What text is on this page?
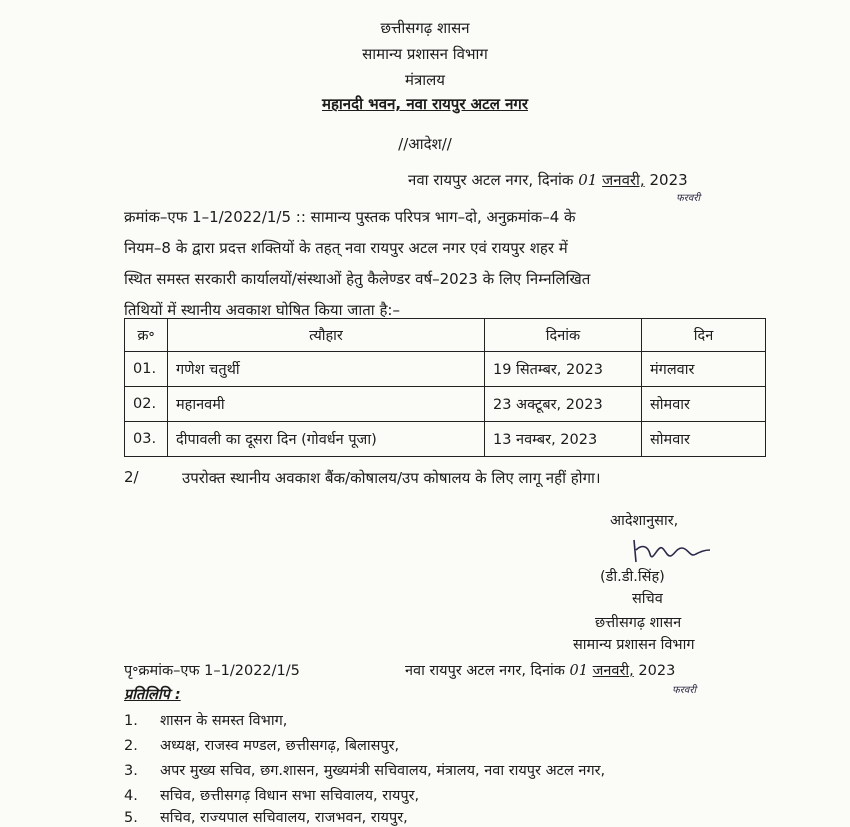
छत्तीसगढ़ शासन
सामान्य प्रशासन विभाग
मंत्रालय
महानदी भवन, नवा रायपुर अटल नगर
//आदेश//
नवा रायपुर अटल नगर, दिनांक 01 जनवरी, 2023
फरवरी
क्रमांक–एफ 1–1/2022/1/5 :: सामान्य पुस्तक परिपत्र भाग–दो, अनुक्रमांक–4 के
नियम–8 के द्वारा प्रदत्त शक्तियों के तहत् नवा रायपुर अटल नगर एवं रायपुर शहर में
स्थित समस्त सरकारी कार्यालयों/संस्थाओं हेतु कैलेण्डर वर्ष–2023 के लिए निम्नलिखित
तिथियों में स्थानीय अवकाश घोषित किया जाता है:–
क्र॰	त्यौहार	दिनांक	दिन
01.	गणेश चतुर्थी	19 सितम्बर, 2023	मंगलवार
02.	महानवमी	23 अक्टूबर, 2023	सोमवार
03.	दीपावली का दूसरा दिन (गोवर्धन पूजा)	13 नवम्बर, 2023	सोमवार
2/	उपरोक्त स्थानीय अवकाश बैंक/कोषालय/उप कोषालय के लिए लागू नहीं होगा।
आदेशानुसार,
(डी.डी.सिंह)
सचिव
छत्तीसगढ़ शासन
सामान्य प्रशासन विभाग
पृ॰क्रमांक–एफ 1–1/2022/1/5	नवा रायपुर अटल नगर, दिनांक 01 जनवरी, 2023
फरवरी
प्रतिलिपि :
1. शासन के समस्त विभाग,
2. अध्यक्ष, राजस्व मण्डल, छत्तीसगढ़, बिलासपुर,
3. अपर मुख्य सचिव, छग.शासन, मुख्यमंत्री सचिवालय, मंत्रालय, नवा रायपुर अटल नगर,
4. सचिव, छत्तीसगढ़ विधान सभा सचिवालय, रायपुर,
5. सचिव, राज्यपाल सचिवालय, राजभवन, रायपुर,
